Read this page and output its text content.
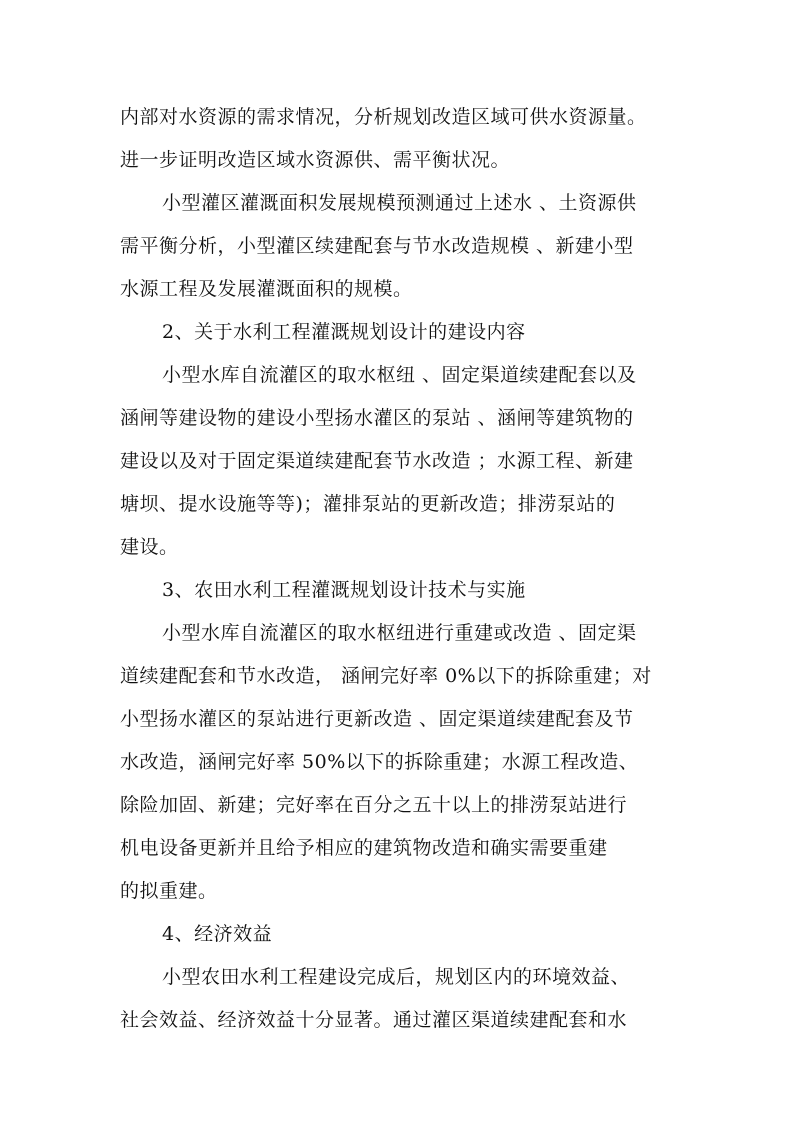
内部对水资源的需求情况，分析规划改造区域可供水资源量。
进一步证明改造区域水资源供、需平衡状况。
小型灌区灌溉面积发展规模预测通过上述水 、土资源供
需平衡分析，小型灌区续建配套与节水改造规模 、新建小型
水源工程及发展灌溉面积的规模。
2、关于水利工程灌溉规划设计的建设内容
小型水库自流灌区的取水枢纽 、固定渠道续建配套以及
涵闸等建设物的建设小型扬水灌区的泵站 、涵闸等建筑物的
建设以及对于固定渠道续建配套节水改造 ；水源工程、新建
塘坝、提水设施等等)；灌排泵站的更新改造；排涝泵站的
建设。
3、农田水利工程灌溉规划设计技术与实施
小型水库自流灌区的取水枢纽进行重建或改造 、固定渠
道续建配套和节水改造， 涵闸完好率 0%以下的拆除重建；对
小型扬水灌区的泵站进行更新改造 、固定渠道续建配套及节
水改造，涵闸完好率 50%以下的拆除重建；水源工程改造、
除险加固、新建；完好率在百分之五十以上的排涝泵站进行
机电设备更新并且给予相应的建筑物改造和确实需要重建
的拟重建。
4、经济效益
小型农田水利工程建设完成后，规划区内的环境效益、
社会效益、经济效益十分显著。通过灌区渠道续建配套和水
